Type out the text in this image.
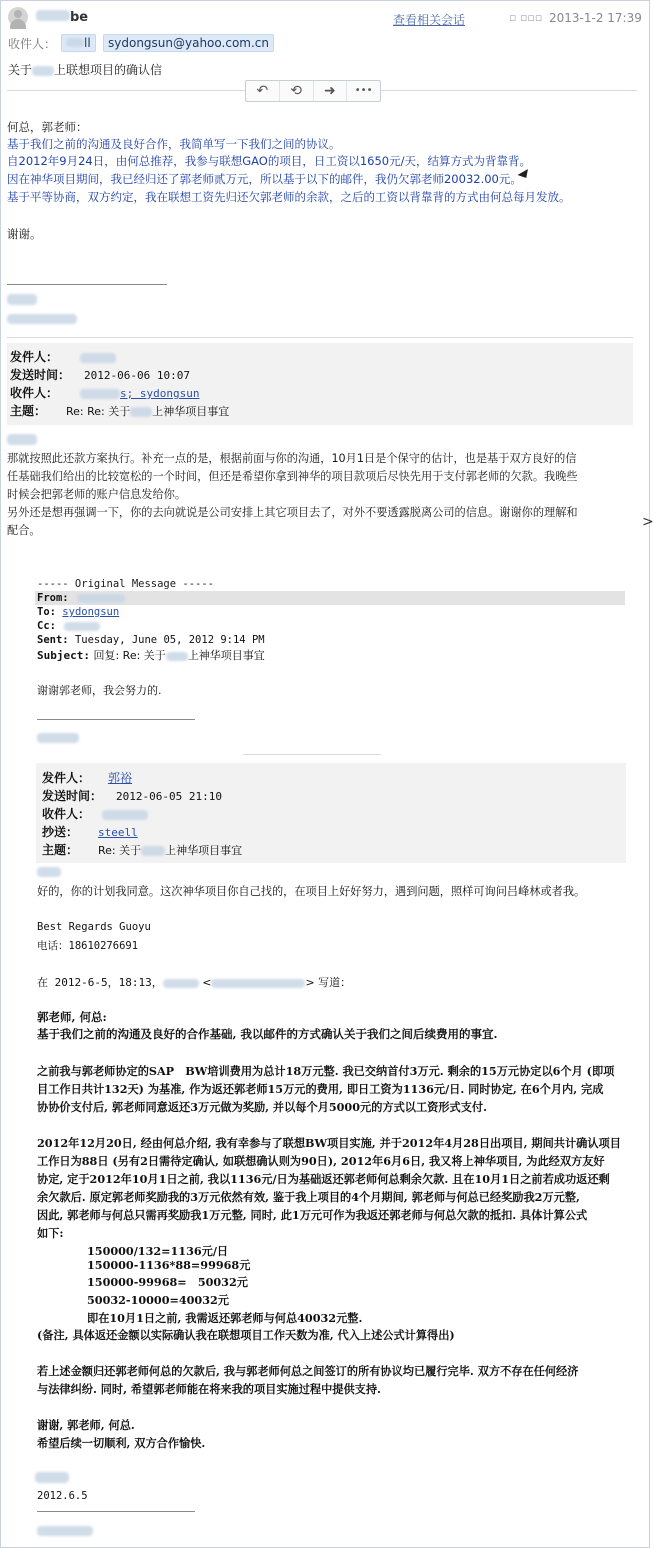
be	查看相关会话	▫ ▫▫▫ 2013-1-2 17:39
收件人：	ll	sydongsun@yahoo.com.cn
关于 上联想项目的确认信
↶	⟲	➜	•••
何总，郭老师：
基于我们之前的沟通及良好合作，我简单写一下我们之间的协议。
自2012年9月24日，由何总推荐，我参与联想GAO的项目，日工资以1650元/天，结算方式为背靠背。
因在神华项目期间，我已经归还了郭老师贰万元，所以基于以下的邮件，我仍欠郭老师20032.00元。
基于平等协商，双方约定，我在联想工资先归还欠郭老师的余款，之后的工资以背靠背的方式由何总每月发放。
谢谢。
发件人：
发送时间： 2012-06-06 10:07
收件人：	s; sydongsun
主题： Re: Re: 关于 上神华项目事宜
那就按照此还款方案执行。补充一点的是，根据前面与你的沟通，10月1日是个保守的估计，也是基于双方良好的信
任基础我们给出的比较宽松的一个时间，但还是希望你拿到神华的项目款项后尽快先用于支付郭老师的欠款。我晚些
时候会把郭老师的账户信息发给你。
另外还是想再强调一下，你的去向就说是公司安排上其它项目去了，对外不要透露脱离公司的信息。谢谢你的理解和
配合。
>
----- Original Message -----
From:
To: sydongsun
Cc:
Sent: Tuesday, June 05, 2012 9:14 PM
Subject: 回复: Re: 关于 上神华项目事宜
谢谢郭老师，我会努力的.
发件人： 郭裕
发送时间： 2012-06-05 21:10
收件人：
抄送： steell
主题： Re: 关于 上神华项目事宜
好的，你的计划我同意。这次神华项目你自己找的，在项目上好好努力，遇到问题，照样可询问吕峰林或者我。
Best Regards Guoyu
电话：18610276691
在 2012-6-5，18:13，	<	> 写道：
郭老师, 何总:
基于我们之前的沟通及良好的合作基础, 我以邮件的方式确认关于我们之间后续费用的事宜.
之前我与郭老师协定的SAP　BW培训费用为总计18万元整. 我已交纳首付3万元. 剩余的15万元协定以6个月 (即项
目工作日共计132天) 为基准, 作为返还郭老师15万元的费用, 即日工资为1136元/日. 同时协定, 在6个月内, 完成
协协价支付后, 郭老师同意返还3万元做为奖励, 并以每个月5000元的方式以工资形式支付.
2012年12月20日, 经由何总介绍, 我有幸参与了联想BW项目实施, 并于2012年4月28日出项目, 期间共计确认项目
工作日为88日 (另有2日需待定确认, 如联想确认则为90日), 2012年6月6日, 我又将上神华项目, 为此经双方友好
协定, 定于2012年10月1日之前, 我以1136元/日为基础返还郭老师何总剩余欠款. 且在10月1日之前若成功返还剩
余欠款后. 原定郭老师奖励我的3万元依然有效, 鉴于我上项目的4个月期间, 郭老师与何总已经奖励我2万元整,
因此, 郭老师与何总只需再奖励我1万元整, 同时, 此1万元可作为我返还郭老师与何总欠款的抵扣. 具体计算公式
如下:
150000/132=1136元/日
150000-1136*88=99968元
150000-99968=　50032元
50032-10000=40032元
即在10月1日之前, 我需返还郭老师与何总40032元整.
(备注, 具体返还金额以实际确认我在联想项目工作天数为准, 代入上述公式计算得出)
若上述金额归还郭老师何总的欠款后, 我与郭老师何总之间签订的所有协议均已履行完毕. 双方不存在任何经济
与法律纠纷. 同时, 希望郭老师能在将来我的项目实施过程中提供支持.
谢谢, 郭老师, 何总.
希望后续一切顺利, 双方合作愉快.
2012.6.5
